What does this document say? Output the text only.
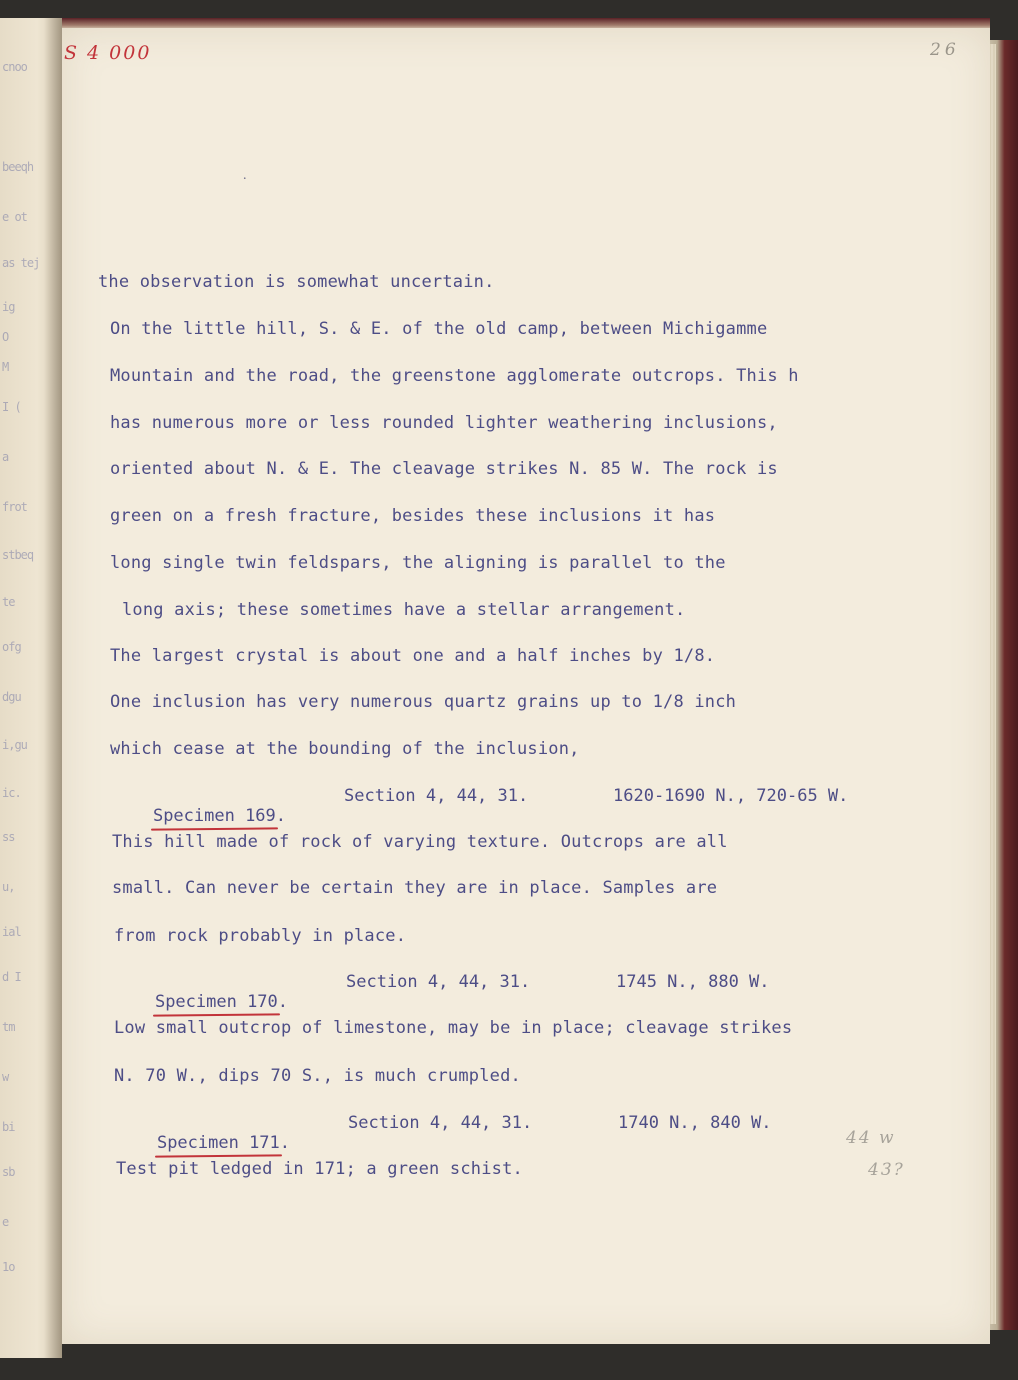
cnoo
beeqh
e ot
as tej
ig
O
M
I (
a
frot
stbeq
te
ofg
dgu
i,gu
ic.
ss
u,
ial
d I
tm
w
bi
sb
e
1o
S 4 000	26
.
the observation is somewhat uncertain.
On the little hill, S. & E. of the old camp, between Michigamme
Mountain and the road, the greenstone agglomerate outcrops. This h
has numerous more or less rounded lighter weathering inclusions,
oriented about N. & E. The cleavage strikes N. 85 W. The rock is
green on a fresh fracture, besides these inclusions it has
long single twin feldspars, the aligning is parallel to the
long axis; these sometimes have a stellar arrangement.
The largest crystal is about one and a half inches by 1/8.
One inclusion has very numerous quartz grains up to 1/8 inch
which cease at the bounding of the inclusion,

Specimen 169.

Section 4, 44, 31.	1620-1690 N., 720-65 W.
This hill made of rock of varying texture. Outcrops are all
small. Can never be certain they are in place. Samples are
from rock probably in place.

Specimen 170.

Section 4, 44, 31.	1745 N., 880 W.
Low small outcrop of limestone, may be in place; cleavage strikes
N. 70 W., dips 70 S., is much crumpled.

Specimen 171.

Section 4, 44, 31.	1740 N., 840 W.
Test pit ledged in 171; a green schist.
44 w
43?
